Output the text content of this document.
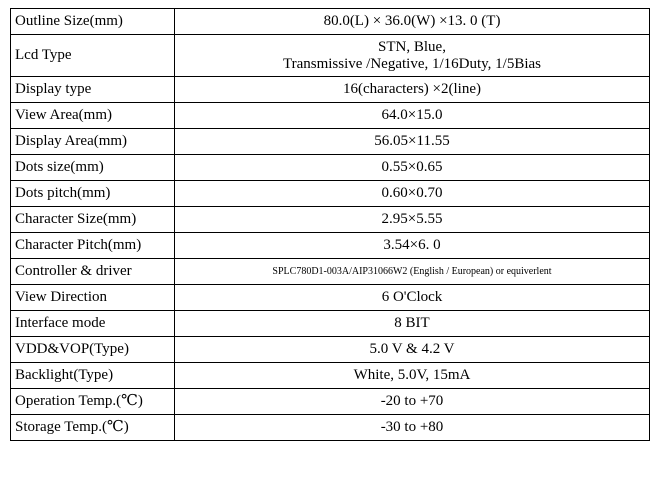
Outline Size(mm)	80.0(L) × 36.0(W) ×13. 0 (T)
Lcd Type	STN, Blue,
Transmissive /Negative, 1/16Duty, 1/5Bias

Display type	16(characters) ×2(line)
View Area(mm)	64.0×15.0
Display Area(mm)	56.05×11.55
Dots size(mm)	0.55×0.65
Dots pitch(mm)	0.60×0.70
Character Size(mm)	2.95×5.55
Character Pitch(mm)	3.54×6. 0
Controller & driver	SPLC780D1-003A/AIP31066W2 (English / European) or equiverlent
View Direction	6 O'Clock
Interface mode	8 BIT
VDD&VOP(Type)	5.0 V & 4.2 V
Backlight(Type)	White, 5.0V, 15mA
Operation Temp.(℃)	-20 to +70
Storage Temp.(℃)	-30 to +80
